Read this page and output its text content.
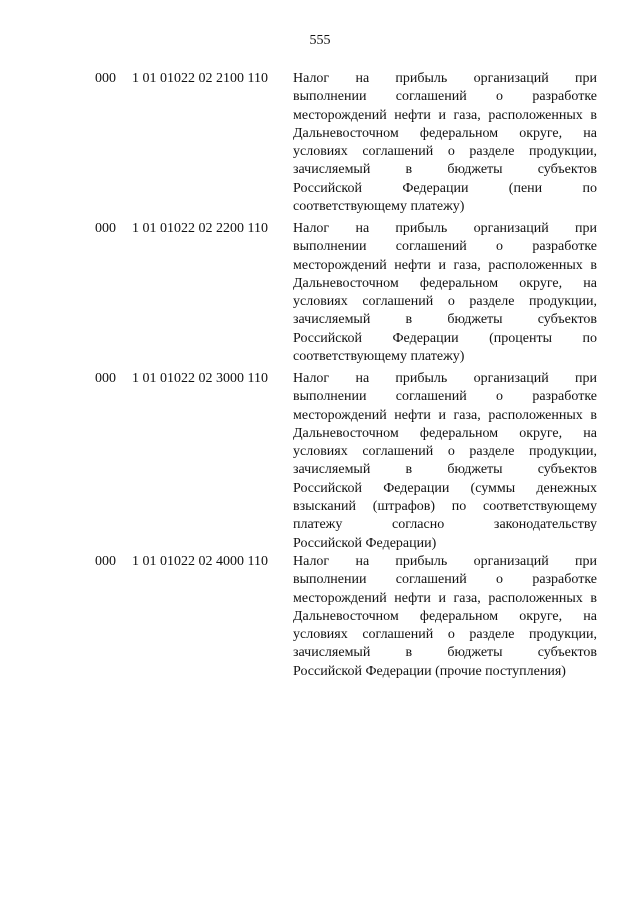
555
000 1 01 01022 02 2100 110 Налог на прибыль организаций при
выполнении соглашений о разработке
месторождений нефти и газа, расположенных в
Дальневосточном федеральном округе, на
условиях соглашений о разделе продукции,
зачисляемый в бюджеты субъектов
Российской Федерации (пени по
соответствующему платежу)
000 1 01 01022 02 2200 110 Налог на прибыль организаций при
выполнении соглашений о разработке
месторождений нефти и газа, расположенных в
Дальневосточном федеральном округе, на
условиях соглашений о разделе продукции,
зачисляемый в бюджеты субъектов
Российской Федерации (проценты по
соответствующему платежу)
000 1 01 01022 02 3000 110 Налог на прибыль организаций при
выполнении соглашений о разработке
месторождений нефти и газа, расположенных в
Дальневосточном федеральном округе, на
условиях соглашений о разделе продукции,
зачисляемый в бюджеты субъектов
Российской Федерации (суммы денежных
взысканий (штрафов) по соответствующему
платежу согласно законодательству
Российской Федерации)
000 1 01 01022 02 4000 110 Налог на прибыль организаций при
выполнении соглашений о разработке
месторождений нефти и газа, расположенных в
Дальневосточном федеральном округе, на
условиях соглашений о разделе продукции,
зачисляемый в бюджеты субъектов
Российской Федерации (прочие поступления)
